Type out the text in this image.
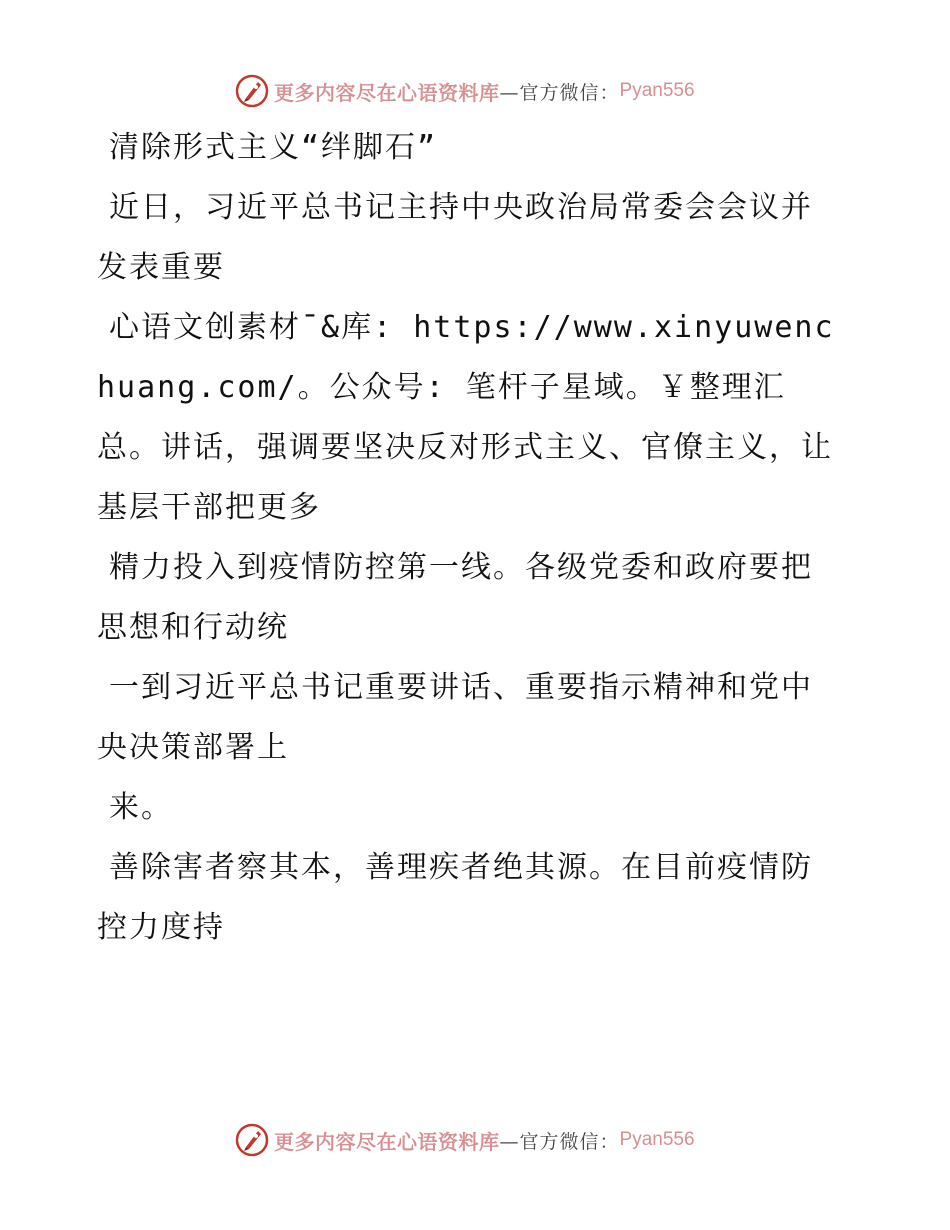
更多内容尽在心语资料库 —官方微信： Pyan556

清除形式主义“绊脚石”

近日，习近平总书记主持中央政治局常委会会议并发表重要

心语文创素材¯&库: https://www.xinyuwenchuang.com/。公众号: 笔杆子星域。￥整理汇总。讲话，强调要坚决反对形式主义、官僚主义，让基层干部把更多

精力投入到疫情防控第一线。各级党委和政府要把思想和行动统

一到习近平总书记重要讲话、重要指示精神和党中央决策部署上

来。

善除害者察其本，善理疾者绝其源。在目前疫情防控力度持

更多内容尽在心语资料库 —官方微信： Pyan556
